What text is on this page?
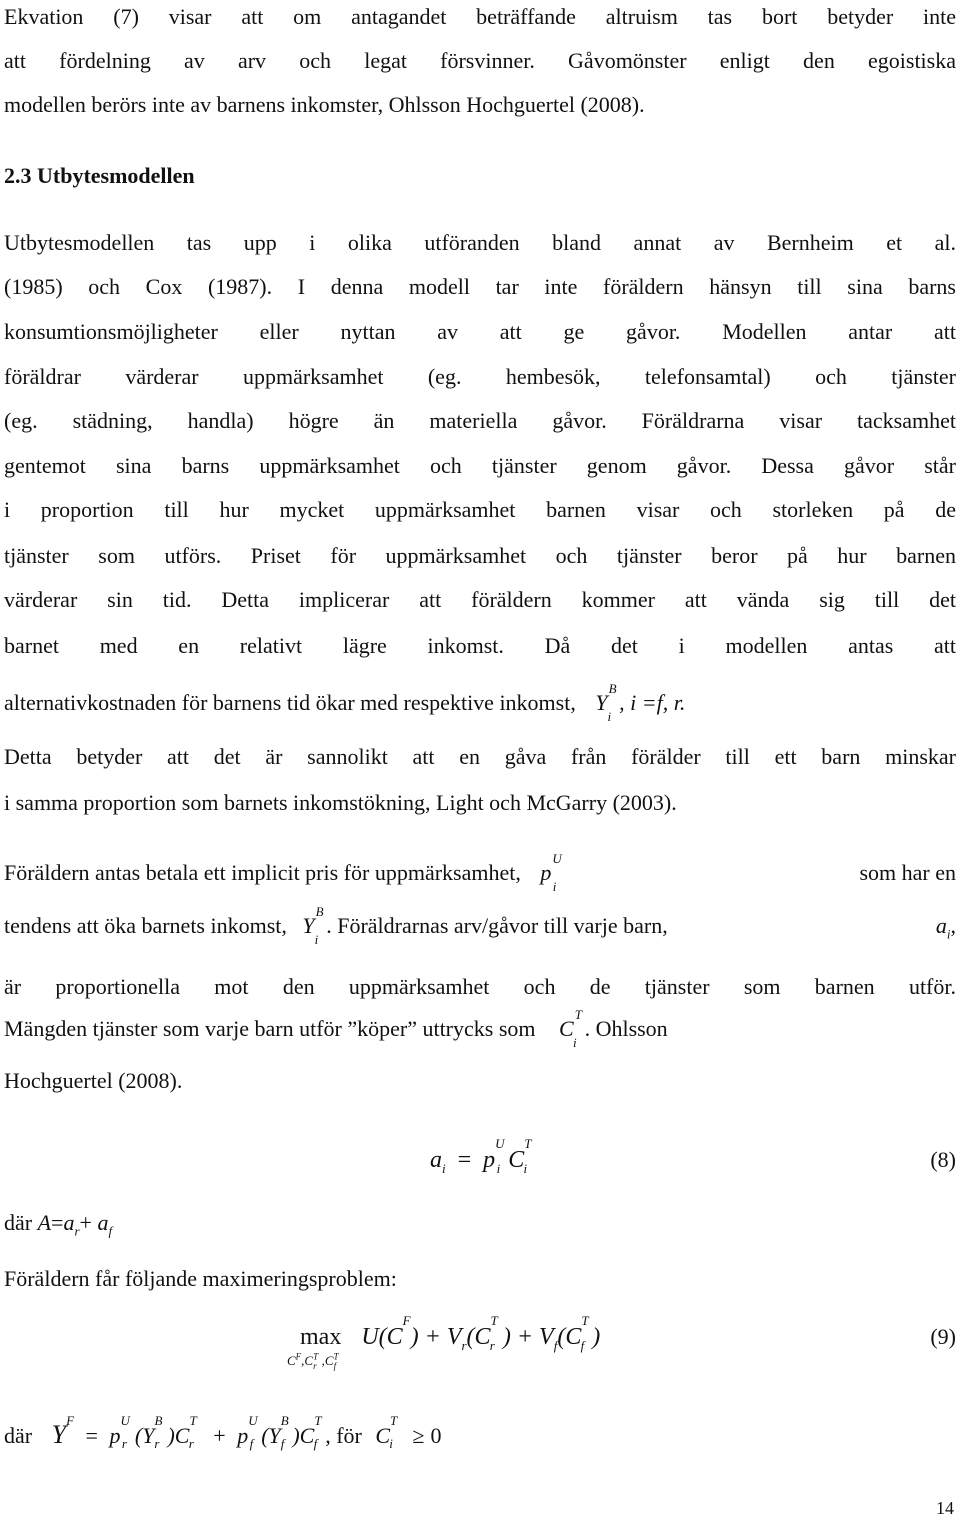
Ekvation (7) visar att om antagandet beträffande altruism tas bort betyder inte
att fördelning av arv och legat försvinner. Gåvomönster enligt den egoistiska
modellen berörs inte av barnens inkomster, Ohlsson Hochguertel (2008).
2.3 Utbytesmodellen
Utbytesmodellen tas upp i olika utföranden bland annat av Bernheim et al.
(1985) och Cox (1987). I denna modell tar inte föräldern hänsyn till sina barns
konsumtionsmöjligheter eller nyttan av att ge gåvor. Modellen antar att
föräldrar värderar uppmärksamhet (eg. hembesök, telefonsamtal) och tjänster
(eg. städning, handla) högre än materiella gåvor. Föräldrarna visar tacksamhet
gentemot sina barns uppmärksamhet och tjänster genom gåvor. Dessa gåvor står
i proportion till hur mycket uppmärksamhet barnen visar och storleken på de
tjänster som utförs. Priset för uppmärksamhet och tjänster beror på hur barnen
värderar sin tid. Detta implicerar att föräldern kommer att vända sig till det
barnet med en relativt lägre inkomst. Då det i modellen antas att
alternativkostnaden för barnens tid ökar med respektive inkomst, $Y^B_i$, i =f, r.
Detta betyder att det är sannolikt att en gåva från förälder till ett barn minskar
i samma proportion som barnets inkomstökning, Light och McGarry (2003).
Föräldern antas betala ett implicit pris för uppmärksamhet, $p^U_i$
som har en
tendens att öka barnets inkomst, $Y^B_i$. Föräldrarnas arv/gåvor till varje barn,	$a_i$,
är proportionella mot den uppmärksamhet och de tjänster som barnen utför.
Mängden tjänster som varje barn utför ”köper” uttrycks som $C^T_i$. Ohlsson
Hochguertel (2008).
$a_i = p^U_i$ $C^T_i$	(8)
där $A=a_r+ a_f$
Föräldern får följande maximeringsproblem:
$\max U(C^F) + V_r(C^T_r$ ) + $V_f(C^T_f$ )
$C^F,C^T_r$ $,C^T_f$
(9)
där $Y^F = p^U_r$ ($Y^B_r$ )$C^T_r + p^U_f$ ($Y^B_f$ )$C^T_f$ , för $C^T_i \ge 0$
14
